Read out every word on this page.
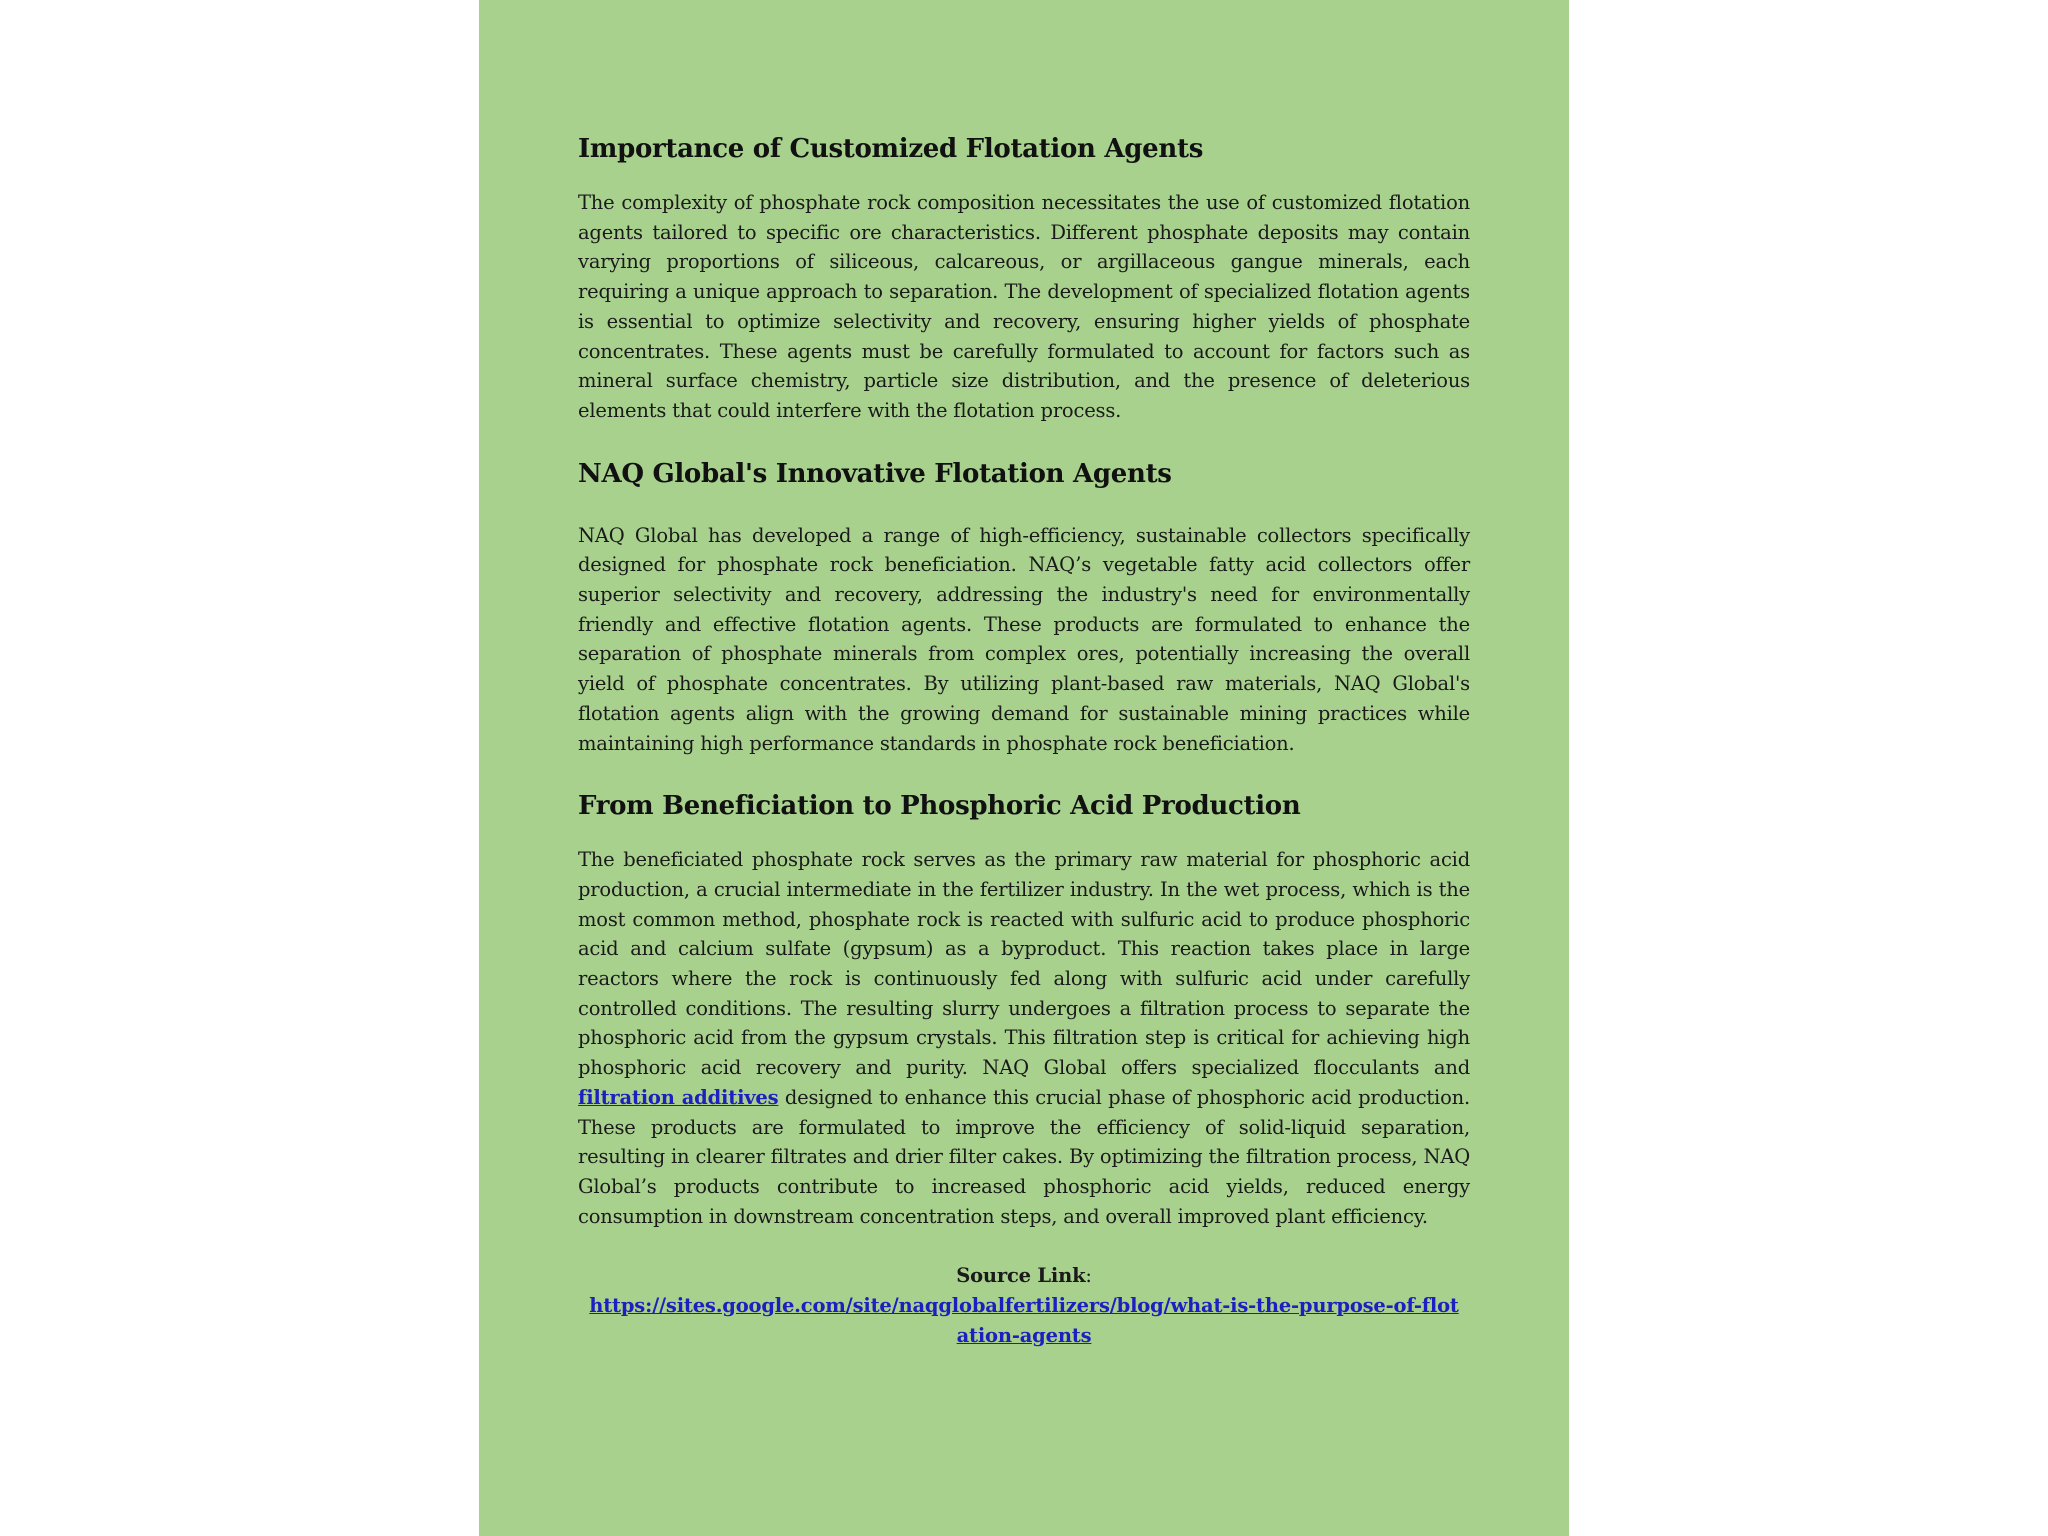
Importance of Customized Flotation Agents

The complexity of phosphate rock composition necessitates the use of customized flotation agents tailored to specific ore characteristics. Different phosphate deposits may contain varying proportions of siliceous, calcareous, or argillaceous gangue minerals, each requiring a unique approach to separation. The development of specialized flotation agents is essential to optimize selectivity and recovery, ensuring higher yields of phosphate concentrates. These agents must be carefully formulated to account for factors such as mineral surface chemistry, particle size distribution, and the presence of deleterious elements that could interfere with the flotation process.

NAQ Global's Innovative Flotation Agents

NAQ Global has developed a range of high-efficiency, sustainable collectors specifically designed for phosphate rock beneficiation. NAQ’s vegetable fatty acid collectors offer superior selectivity and recovery, addressing the industry's need for environmentally friendly and effective flotation agents. These products are formulated to enhance the separation of phosphate minerals from complex ores, potentially increasing the overall yield of phosphate concentrates. By utilizing plant-based raw materials, NAQ Global's flotation agents align with the growing demand for sustainable mining practices while maintaining high performance standards in phosphate rock beneficiation.

From Beneficiation to Phosphoric Acid Production

The beneficiated phosphate rock serves as the primary raw material for phosphoric acid production, a crucial intermediate in the fertilizer industry. In the wet process, which is the most common method, phosphate rock is reacted with sulfuric acid to produce phosphoric acid and calcium sulfate (gypsum) as a byproduct. This reaction takes place in large reactors where the rock is continuously fed along with sulfuric acid under carefully controlled conditions. The resulting slurry undergoes a filtration process to separate the phosphoric acid from the gypsum crystals. This filtration step is critical for achieving high phosphoric acid recovery and purity. NAQ Global offers specialized flocculants and filtration additives designed to enhance this crucial phase of phosphoric acid production. These products are formulated to improve the efficiency of solid-liquid separation, resulting in clearer filtrates and drier filter cakes. By optimizing the filtration process, NAQ Global’s products contribute to increased phosphoric acid yields, reduced energy consumption in downstream concentration steps, and overall improved plant efficiency.

Source Link:
https://sites.google.com/site/naqglobalfertilizers/blog/what-is-the-purpose-of-flotation-agents
